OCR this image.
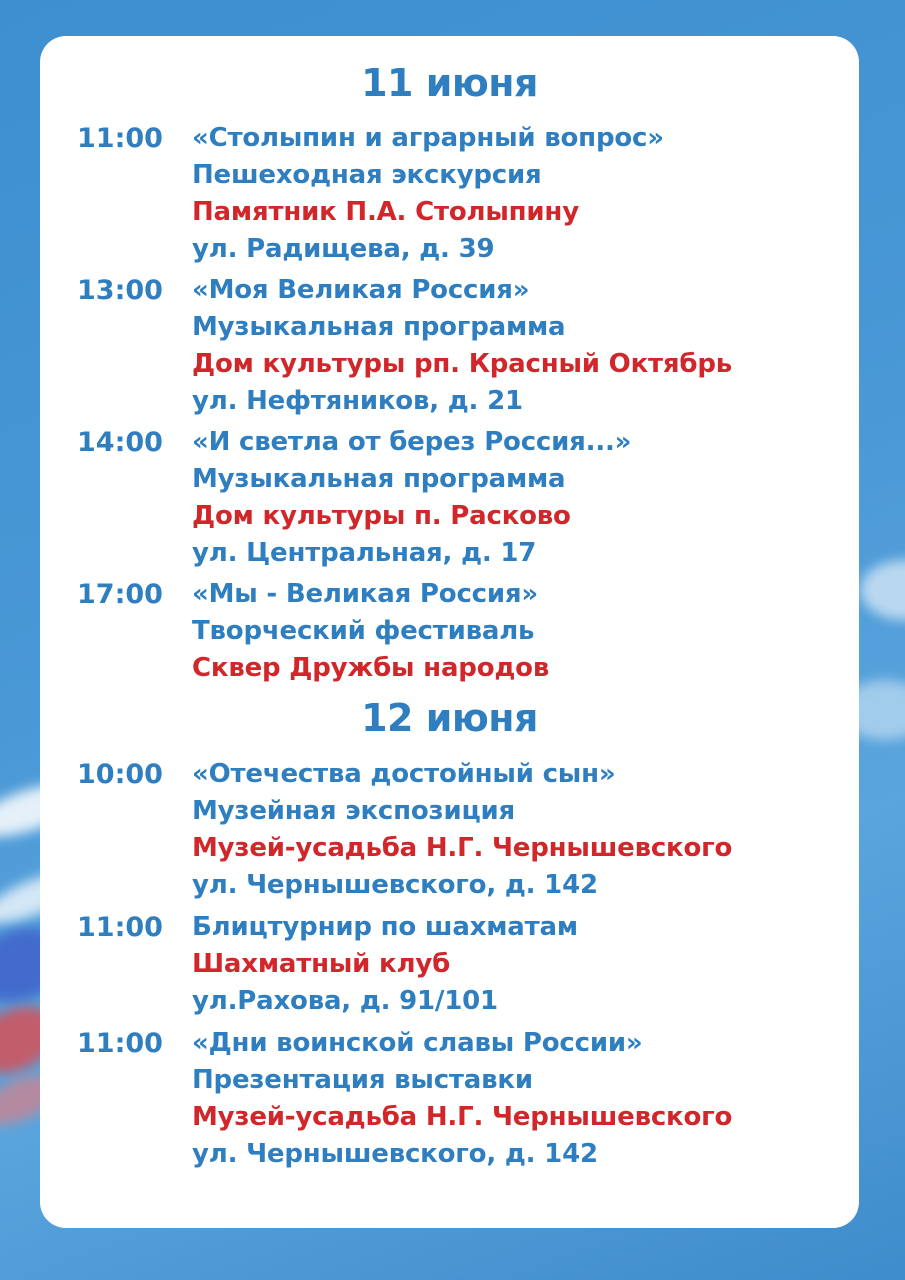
11 июня
11:00 «Столыпин и аграрный вопрос»
Пешеходная экскурсия
Памятник П.А. Столыпину
ул. Радищева, д. 39
13:00 «Моя Великая Россия»
Музыкальная программа
Дом культуры рп. Красный Октябрь
ул. Нефтяников, д. 21
14:00 «И светла от берез Россия...»
Музыкальная программа
Дом культуры п. Расково
ул. Центральная, д. 17
17:00 «Мы - Великая Россия»
Творческий фестиваль
Сквер Дружбы народов
12 июня
10:00 «Отечества достойный сын»
Музейная экспозиция
Музей-усадьба Н.Г. Чернышевского
ул. Чернышевского, д. 142
11:00 Блицтурнир по шахматам
Шахматный клуб
ул.Рахова, д. 91/101
11:00 «Дни воинской славы России»
Презентация выставки
Музей-усадьба Н.Г. Чернышевского
ул. Чернышевского, д. 142
